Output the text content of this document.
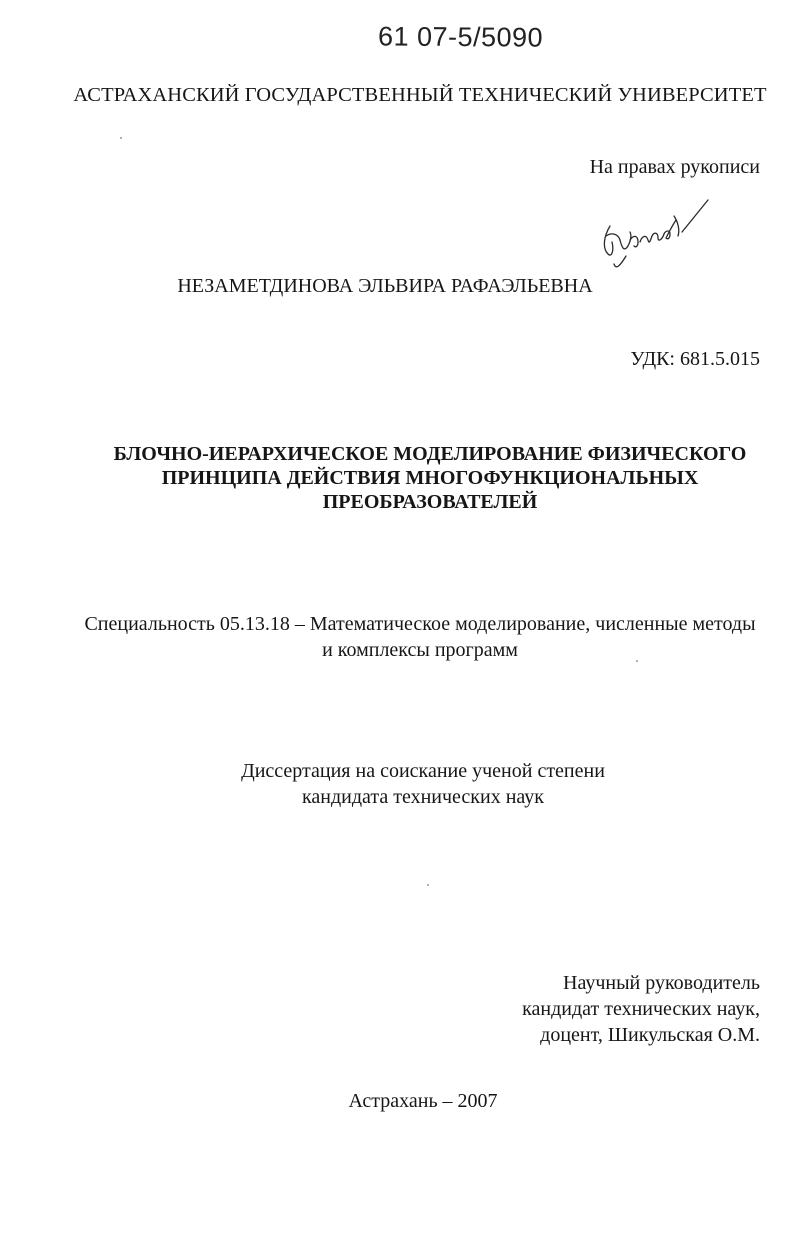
61 07-5/5090
АСТРАХАНСКИЙ ГОСУДАРСТВЕННЫЙ ТЕХНИЧЕСКИЙ УНИВЕРСИТЕТ
На правах рукописи
НЕЗАМЕТДИНОВА ЭЛЬВИРА РАФАЭЛЬЕВНА
УДК: 681.5.015
БЛОЧНО-ИЕРАРХИЧЕСКОЕ МОДЕЛИРОВАНИЕ ФИЗИЧЕСКОГО
ПРИНЦИПА ДЕЙСТВИЯ МНОГОФУНКЦИОНАЛЬНЫХ
ПРЕОБРАЗОВАТЕЛЕЙ
Специальность 05.13.18 – Математическое моделирование, численные методы
и комплексы программ
Диссертация на соискание ученой степени
кандидата технических наук
Научный руководитель
кандидат технических наук,
доцент, Шикульская О.М.
Астрахань – 2007
